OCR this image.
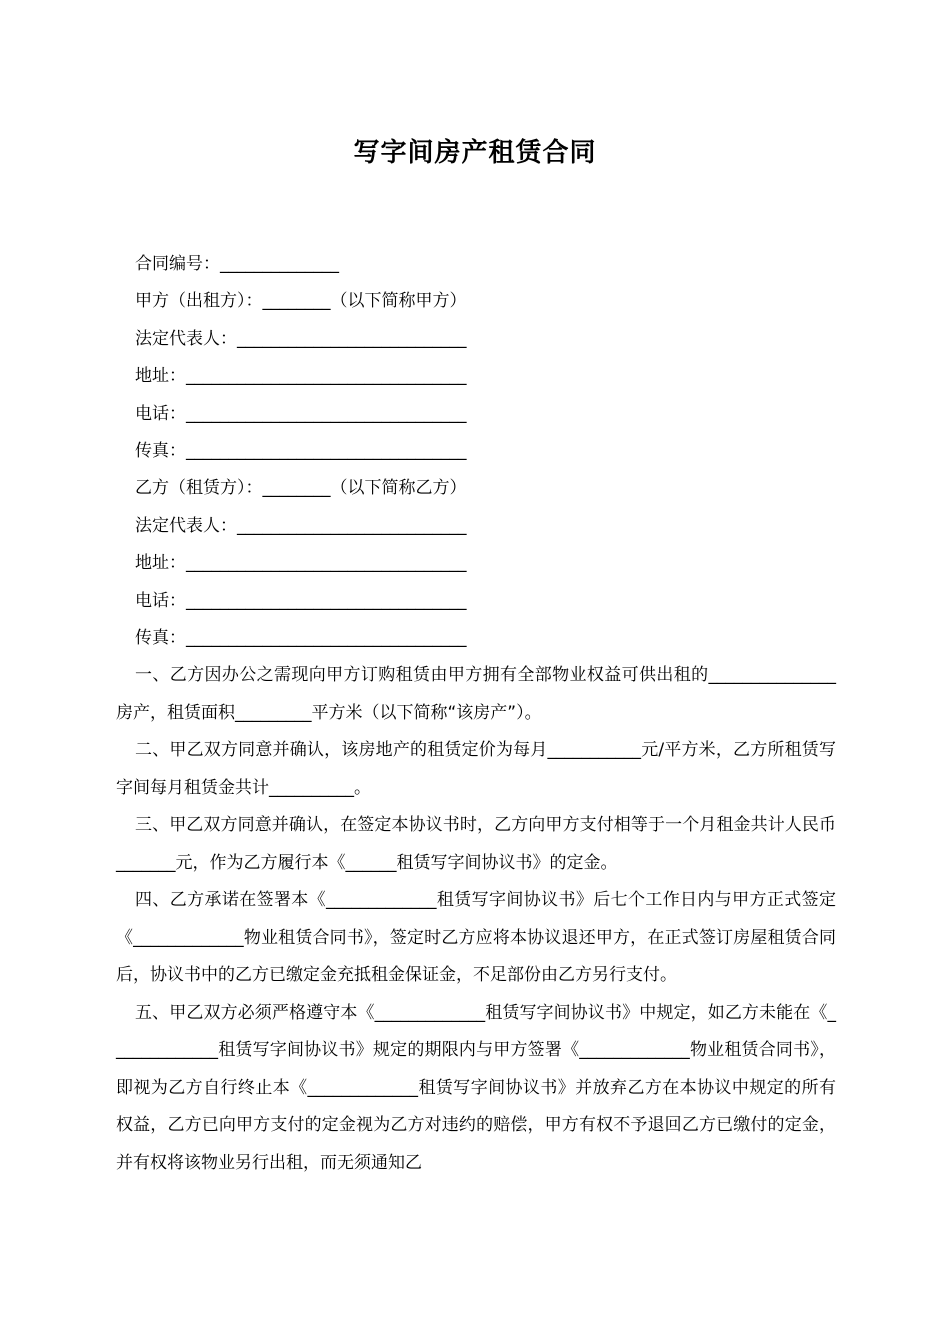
写字间房产租赁合同
合同编号：______________
甲方（出租方）：________（以下简称甲方）
法定代表人：___________________________
地址：_________________________________
电话：_________________________________
传真：_________________________________
乙方（租赁方）：________（以下简称乙方）
法定代表人：___________________________
地址：_________________________________
电话：_________________________________
传真：_________________________________

一、乙方因办公之需现向甲方订购租赁由甲方拥有全部物业权益可供出租的_______________房产，租赁面积_________平方米（以下简称“该房产”）。

二、甲乙双方同意并确认，该房地产的租赁定价为每月___________元/平方米，乙方所租赁写字间每月租赁金共计__________。

三、甲乙双方同意并确认，在签定本协议书时，乙方向甲方支付相等于一个月租金共计人民币_______元，作为乙方履行本《______租赁写字间协议书》的定金。

四、乙方承诺在签署本《_____________租赁写字间协议书》后七个工作日内与甲方正式签定《_____________物业租赁合同书》，签定时乙方应将本协议退还甲方，在正式签订房屋租赁合同后，协议书中的乙方已缴定金充抵租金保证金，不足部份由乙方另行支付。

五、甲乙双方必须严格遵守本《_____________租赁写字间协议书》中规定，如乙方未能在《_____________租赁写字间协议书》规定的期限内与甲方签署《_____________物业租赁合同书》，即视为乙方自行终止本《_____________租赁写字间协议书》并放弃乙方在本协议中规定的所有权益，乙方已向甲方支付的定金视为乙方对违约的赔偿，甲方有权不予退回乙方已缴付的定金，并有权将该物业另行出租，而无须通知乙
